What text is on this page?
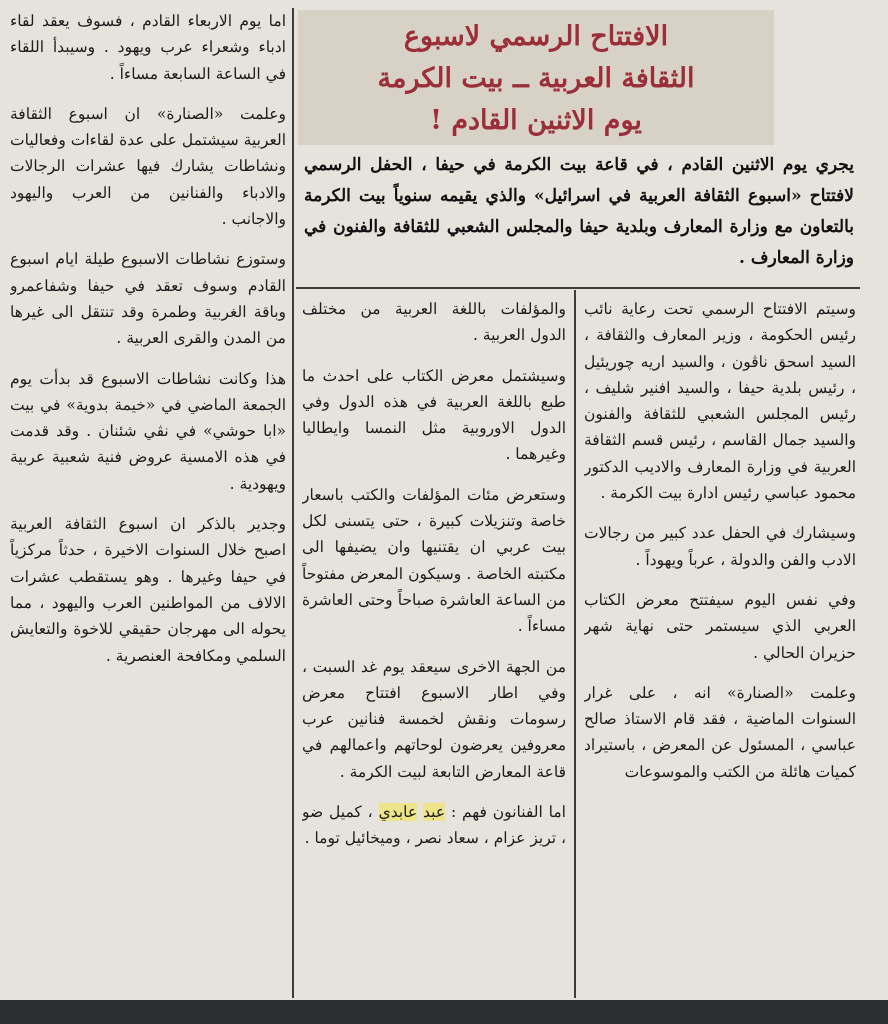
الافتتاح الرسمي لاسبوع
الثقافة العربية ــ بيت الكرمة
يوم الاثنين القادم !
يجري يوم الاثنين القادم ، في قاعة بيت الكرمة في حيفا ، الحفل الرسمي لافتتاح «اسبوع الثقافة العربية في اسرائيل» والذي يقيمه سنوياً بيت الكرمة بالتعاون مع وزارة المعارف وبلدية حيفا والمجلس الشعبي للثقافة والفنون في وزارة المعارف .

وسيتم الافتتاح الرسمي تحت رعاية نائب رئيس الحكومة ، وزير المعارف والثقافة ، السيد اسحق ناڤون ، والسيد اريه چوريئيل ، رئيس بلدية حيفا ، والسيد افنير شليف ، رئيس المجلس الشعبي للثقافة والفنون والسيد جمال القاسم ، رئيس قسم الثقافة العربية في وزارة المعارف والاديب الدكتور محمود عباسي رئيس ادارة بيت الكرمة .

وسيشارك في الحفل عدد كبير من رجالات الادب والفن والدولة ، عرباً ويهوداً .

وفي نفس اليوم سيفتتح معرض الكتاب العربي الذي سيستمر حتى نهاية شهر حزيران الحالي .

وعلمت «الصنارة» انه ، على غرار السنوات الماضية ، فقد قام الاستاذ صالح عباسي ، المسئول عن المعرض ، باستيراد كميات هائلة من الكتب والموسوعات

والمؤلفات باللغة العربية من مختلف الدول العربية .

وسيشتمل معرض الكتاب على احدث ما طبع باللغة العربية في هذه الدول وفي الدول الاوروبية مثل النمسا وايطاليا وغيرهما .

وستعرض مئات المؤلفات والكتب باسعار خاصة وتنزيلات كبيرة ، حتى يتسنى لكل بيت عربي ان يقتنيها وان يضيفها الى مكتبته الخاصة . وسيكون المعرض مفتوحاً من الساعة العاشرة صباحاً وحتى العاشرة مساءاً .

من الجهة الاخرى سيعقد يوم غد السبت ، وفي اطار الاسبوع افتتاح معرض رسومات ونقش لخمسة فنانين عرب معروفين يعرضون لوحاتهم واعمالهم في قاعة المعارض التابعة لبيت الكرمة .

اما الفنانون فهم : عبد عابدي ، كميل ضو ، تريز عزام ، سعاد نصر ، وميخائيل توما .

اما يوم الاربعاء القادم ، فسوف يعقد لقاء ادباء وشعراء عرب ويهود . وسيبدأ اللقاء في الساعة السابعة مساءاً .

وعلمت «الصنارة» ان اسبوع الثقافة العربية سيشتمل على عدة لقاءات وفعاليات ونشاطات يشارك فيها عشرات الرجالات والادباء والفنانين من العرب واليهود والاجانب .

وستوزع نشاطات الاسبوع طيلة ايام اسبوع القادم وسوف تعقد في حيفا وشفاعمرو وباقة الغربية وطمرة وقد تنتقل الى غيرها من المدن والقرى العربية .

هذا وكانت نشاطات الاسبوع قد بدأت يوم الجمعة الماضي في «خيمة بدوية» في بيت «ابا حوشي» في نڤي شئنان . وقد قدمت في هذه الامسية عروض فنية شعبية عربية ويهودية .

وجدير بالذكر ان اسبوع الثقافة العربية اصبح خلال السنوات الاخيرة ، حدثاً مركزياً في حيفا وغيرها . وهو يستقطب عشرات الالاف من المواطنين العرب واليهود ، مما يحوله الى مهرجان حقيقي للاخوة والتعايش السلمي ومكافحة العنصرية .
